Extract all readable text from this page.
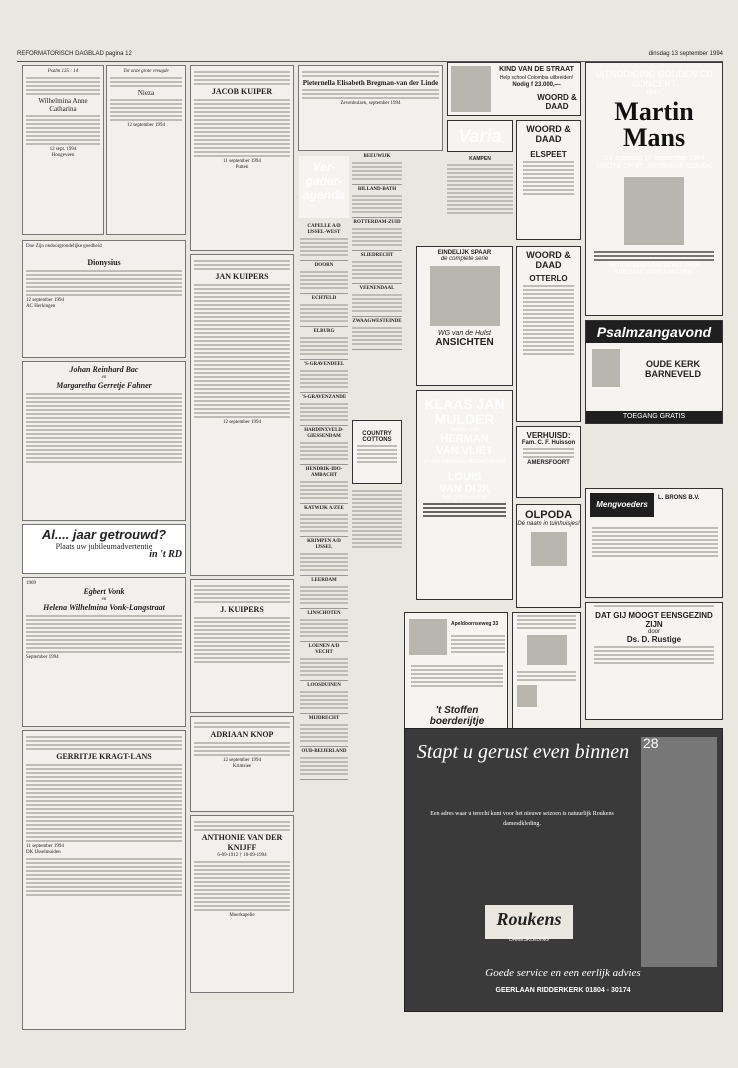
REFORMATORISCH DAGBLAD pagina 12	dinsdag 13 september 1994
Psalm 135 : 14
Wilhelmina Anne Catharina
12 sept. 1994
Hoogeveen
Doe Zijn ondoorgrondelijke goedheid
Dionysius
12 september 1994
AC Herkingen
Johan Reinhard Bac
en
Margaretha Gerretje Fahner
Al.... jaar getrouwd?
Plaats uw jubileumadvertentie
in 't RD
1969
Egbert Vonk
en
Helena Wilhelmina Vonk-Langstraat
September 1994
GERRITJE KRAGT-LANS
11 september 1994
DK IJsselmuiden
Tot onze grote vreugde
Nieza
12 september 1994
JACOB KUIPER
11 september 1994
Putten
JAN KUIPERS
12 september 1994
J. KUIPERS
ADRIAAN KNOP
12 september 1994
Krimsiee
ANTHONIE VAN DER KNIJFF
6-09-1912 † 10-09-1994
Moerkapelle
Pieternella Elisabeth Bregman-van der Linde
Zevenbuizen, september 1994
Ver-gader-agenda
CAPELLE A/D IJSSEL-WEST
DOORN
ECHTELD
ELBURG
'S-GRAVENDEEL
'S-GRAVENZANDE
HARDINXVELD-GIESSENDAM
HENDRIK-IDO-AMBACHT
KATWIJK A/ZEE
KRIMPEN A/D IJSSEL
LEERDAM
LINSCHOTEN
LOENEN A/D VECHT
LOOSDUINEN
MIJDRECHT
OUD-BEIJERLAND
BEEUWIJK
BILLAND-BATH
ROTTERDAM-ZUID
SLIEDRECHT
VEENENDAAL
ZWAAGWESTEINDE
COUNTRY COTTONS
KIND VAN DE STRAAT
Help school Colombia uitbreiden!
Nodig f 23.000,—
WOORD & DAAD
Varia	WOORD & DAAD
ELSPEET
KAMPEN
EINDELIJK SPAAR
de complete serie
WG van de Hulst
ANSICHTEN
KLAAS JAN
MULDER
samen met
HERMAN
VAN VLIET
in een éénmalig dubbelconcert
LOUIS
VAN DIJK
één piano-recital
WOORD & DAAD
OTTERLO
UITNODIGING GOUDEN CD CONCERT
door
Martin Mans
DV zaterdag 17 september 1994
GROTE OF ST. JANSKERK GOUDA
HET PROGRAMMA BEVAT ZEER SPECIALE IMPROVISATIES!
Psalmzangavond
OUDE KERK BARNEVELD
TOEGANG GRATIS
VERHUISD:
Fam. C. F. Huisson
AMERSFOORT
Mengvoeders
L. BRONS B.V.
OLPODA
Dé naam in tuinhuisjes!
DAT GIJ MOOGT EENSGEZIND ZIJN
door
Ds. D. Rustige
Apeldoornseweg 33
't Stoffen boerderijtje
Stapt u gerust even binnen
Een adres waar u terecht kunt voor het nieuwe seizoen is natuurlijk Roukens damesdkleding.
28
Roukens
DAMESKLEDING
Goede service en een eerlijk advies
GEERLAAN RIDDERKERK 01804 - 30174
